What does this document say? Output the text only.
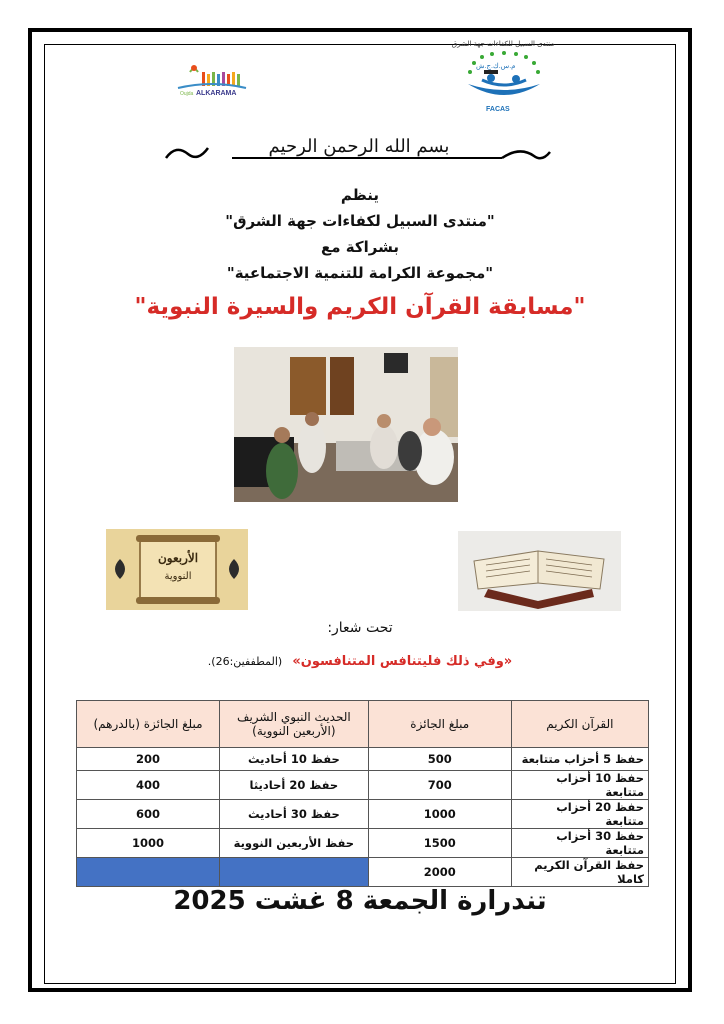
ALKARAMA
Oujda
منتدى السبيل للكفاءات جهة الشرق
م.س.ك.ج.ش
FACAS
بسم الله الرحمن الرحيم
ينظم
"منتدى السبيل لكفاءات جهة الشرق"
بشراكة مع
"مجموعة الكرامة للتنمية الاجتماعية"
"مسابقة القرآن الكريم والسيرة النبوية"
الأربعون
النووية
تحت شعار:
«وفي ذلك فليتنافس المتنافسون» (المطففين:26).
القرآن الكريم	مبلغ الجائزة	الحديث النبوي الشريف (الأربعين النووية)	مبلغ الجائزة (بالدرهم)
حفظ 5 أحزاب متتابعة	500	حفظ 10 أحاديث	200
حفظ 10 أحزاب متتابعة	700	حفظ 20 أحاديثا	400
حفظ 20 أحزاب متتابعة	1000	حفظ 30 أحاديث	600
حفظ 30 أحزاب متتابعة	1500	حفظ الأربعين النووية	1000
حفظ القرآن الكريم كاملا	2000		
تندرارة الجمعة 8 غشت 2025
